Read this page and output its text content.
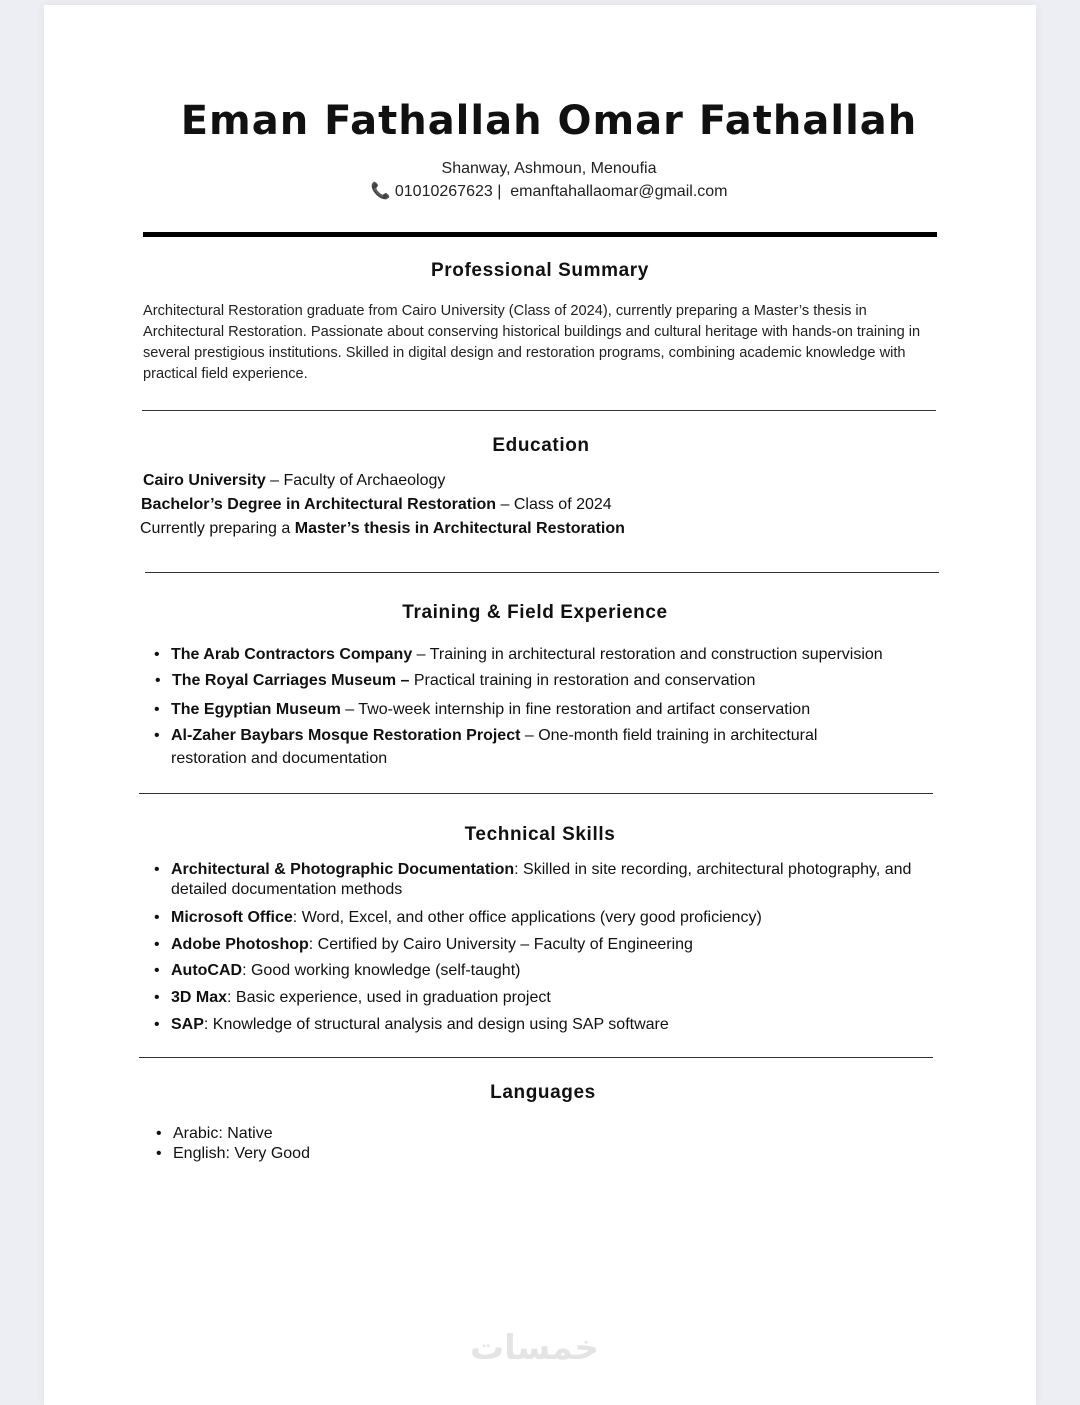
Eman Fathallah Omar Fathallah
Shanway, Ashmoun, Menoufia
📞 01010267623 | emanftahallaomar@gmail.com
Professional Summary
Architectural Restoration graduate from Cairo University (Class of 2024), currently preparing a Master’s thesis in Architectural Restoration. Passionate about conserving historical buildings and cultural heritage with hands-on training in several prestigious institutions. Skilled in digital design and restoration programs, combining academic knowledge with practical field experience.
Education
Cairo University – Faculty of Archaeology
Bachelor’s Degree in Architectural Restoration – Class of 2024
Currently preparing a Master’s thesis in Architectural Restoration
Training & Field Experience
• The Arab Contractors Company – Training in architectural restoration and construction supervision
• The Royal Carriages Museum – Practical training in restoration and conservation
• The Egyptian Museum – Two-week internship in fine restoration and artifact conservation
• Al-Zaher Baybars Mosque Restoration Project – One-month field training in architectural restoration and documentation
Technical Skills
• Architectural & Photographic Documentation: Skilled in site recording, architectural photography, and detailed documentation methods
• Microsoft Office: Word, Excel, and other office applications (very good proficiency)
• Adobe Photoshop: Certified by Cairo University – Faculty of Engineering
• AutoCAD: Good working knowledge (self-taught)
• 3D Max: Basic experience, used in graduation project
• SAP: Knowledge of structural analysis and design using SAP software
Languages
• Arabic: Native
• English: Very Good
خمسات
